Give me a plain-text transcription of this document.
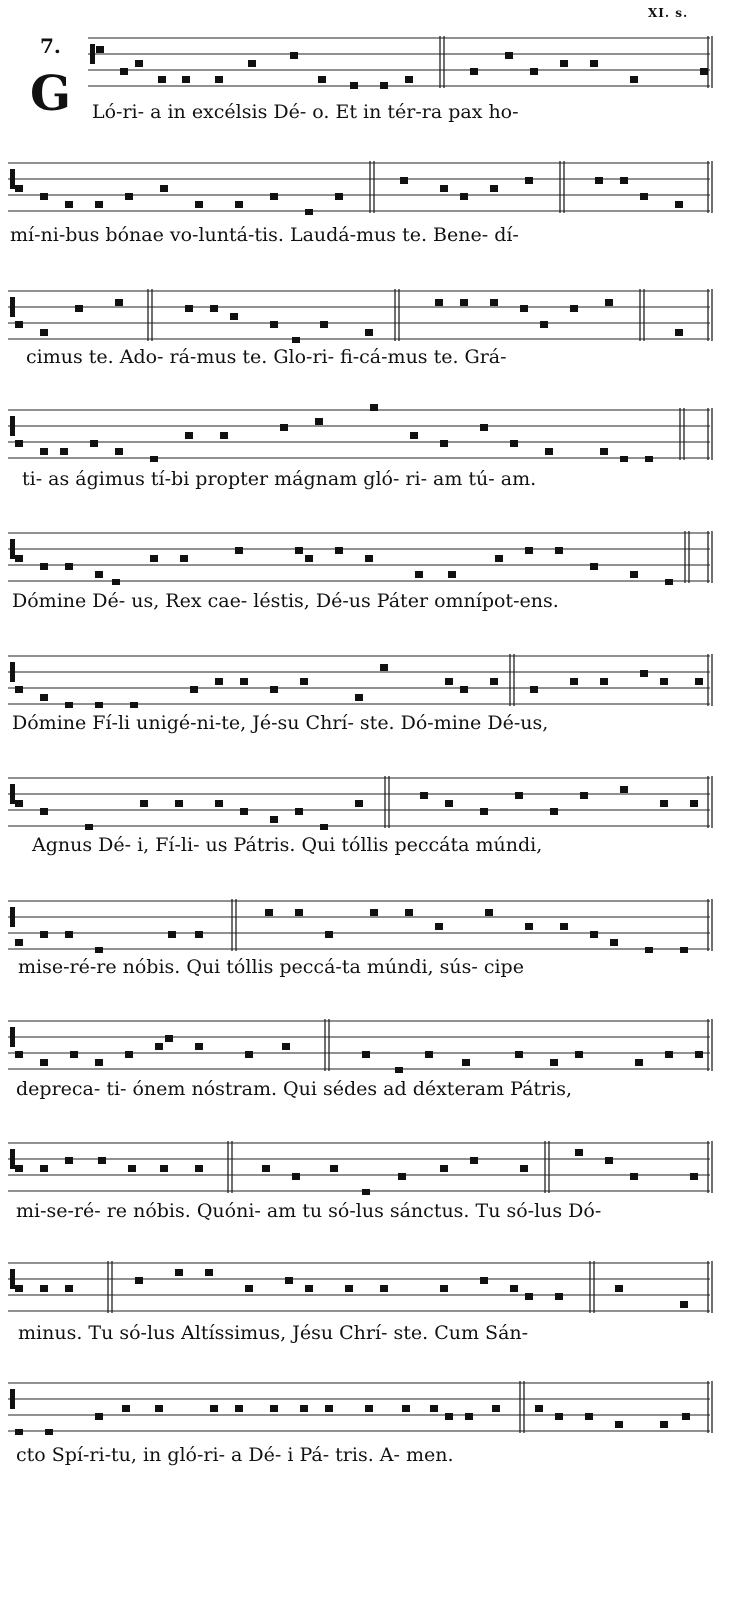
7.
XI. s.
G Ló-ri- a in excélsis Dé- o. Et in tér-ra pax ho-
mí-ni-bus bónae vo-luntá-tis. Laudá-mus te. Bene- dí-
cimus te. Ado- rá-mus te. Glo-ri- fi-cá-mus te. Grá-
ti- as ágimus tí-bi propter mágnam gló- ri- am tú- am.
Dómine Dé- us, Rex cae- léstis, Dé-us Páter omnípot-ens.
Dómine Fí-li unigé-ni-te, Jé-su Chrí- ste. Dó-mine Dé-us,
Agnus Dé- i, Fí-li- us Pátris. Qui tóllis peccáta múndi,
mise-ré-re nóbis. Qui tóllis peccá-ta múndi, sús- cipe
depreca- ti- ónem nóstram. Qui sédes ad déxteram Pátris,
mi-se-ré- re nóbis. Quóni- am tu só-lus sánctus. Tu só-lus Dó-
minus. Tu só-lus Altíssimus, Jésu Chrí- ste. Cum Sán-
cto Spí-ri-tu, in gló-ri- a Dé- i Pá- tris. A- men.
